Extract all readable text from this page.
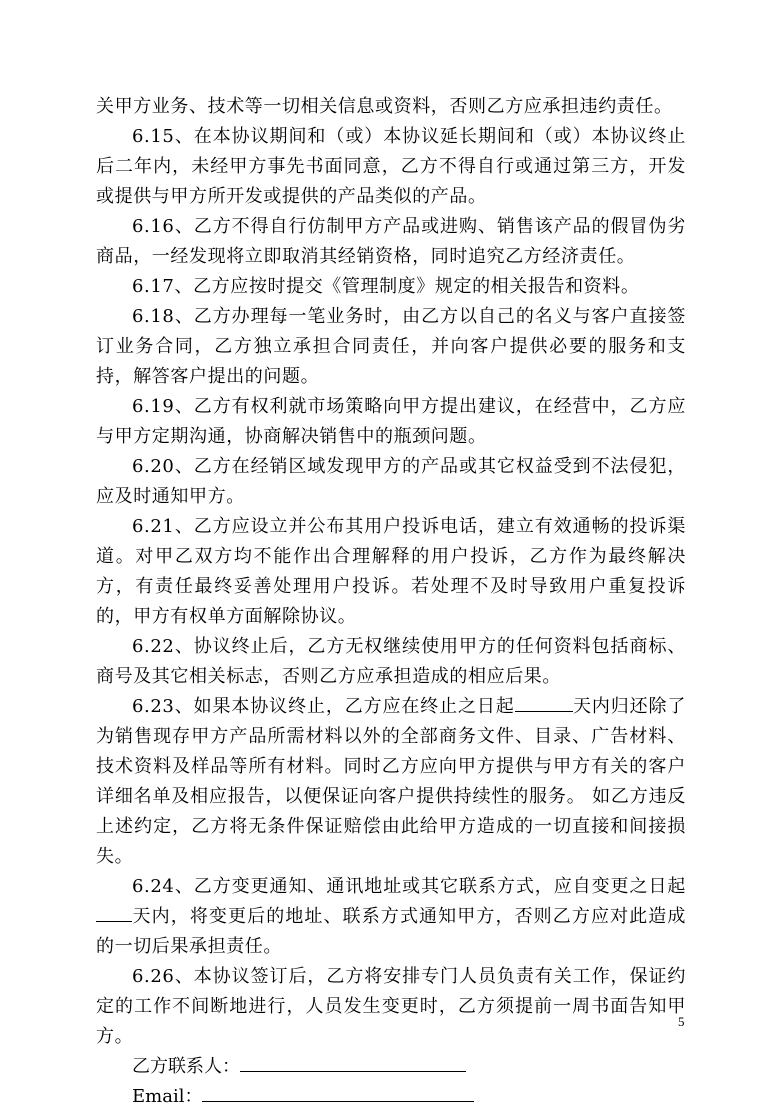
关甲方业务、技术等一切相关信息或资料，否则乙方应承担违约责任。

6.15、在本协议期间和（或）本协议延长期间和（或）本协议终止后二年内，未经甲方事先书面同意，乙方不得自行或通过第三方，开发或提供与甲方所开发或提供的产品类似的产品。

6.16、乙方不得自行仿制甲方产品或进购、销售该产品的假冒伪劣商品，一经发现将立即取消其经销资格，同时追究乙方经济责任。

6.17、乙方应按时提交《管理制度》规定的相关报告和资料。

6.18、乙方办理每一笔业务时，由乙方以自己的名义与客户直接签订业务合同，乙方独立承担合同责任，并向客户提供必要的服务和支持，解答客户提出的问题。

6.19、乙方有权利就市场策略向甲方提出建议，在经营中，乙方应与甲方定期沟通，协商解决销售中的瓶颈问题。

6.20、乙方在经销区域发现甲方的产品或其它权益受到不法侵犯，应及时通知甲方。

6.21、乙方应设立并公布其用户投诉电话，建立有效通畅的投诉渠道。对甲乙双方均不能作出合理解释的用户投诉，乙方作为最终解决方，有责任最终妥善处理用户投诉。若处理不及时导致用户重复投诉的，甲方有权单方面解除协议。

6.22、协议终止后，乙方无权继续使用甲方的任何资料包括商标、商号及其它相关标志，否则乙方应承担造成的相应后果。

6.23、如果本协议终止，乙方应在终止之日起	天内归还除了为销售现存甲方产品所需材料以外的全部商务文件、目录、广告材料、技术资料及样品等所有材料。同时乙方应向甲方提供与甲方有关的客户详细名单及相应报告，以便保证向客户提供持续性的服务。 如乙方违反上述约定，乙方将无条件保证赔偿由此给甲方造成的一切直接和间接损失。

6.24、乙方变更通知、通讯地址或其它联系方式，应自变更之日起天内，将变更后的地址、联系方式通知甲方，否则乙方应对此造成的一切后果承担责任。

6.26、本协议签订后，乙方将安排专门人员负责有关工作，保证约定的工作不间断地进行，人员发生变更时，乙方须提前一周书面告知甲方。

乙方联系人：

Email：

5
